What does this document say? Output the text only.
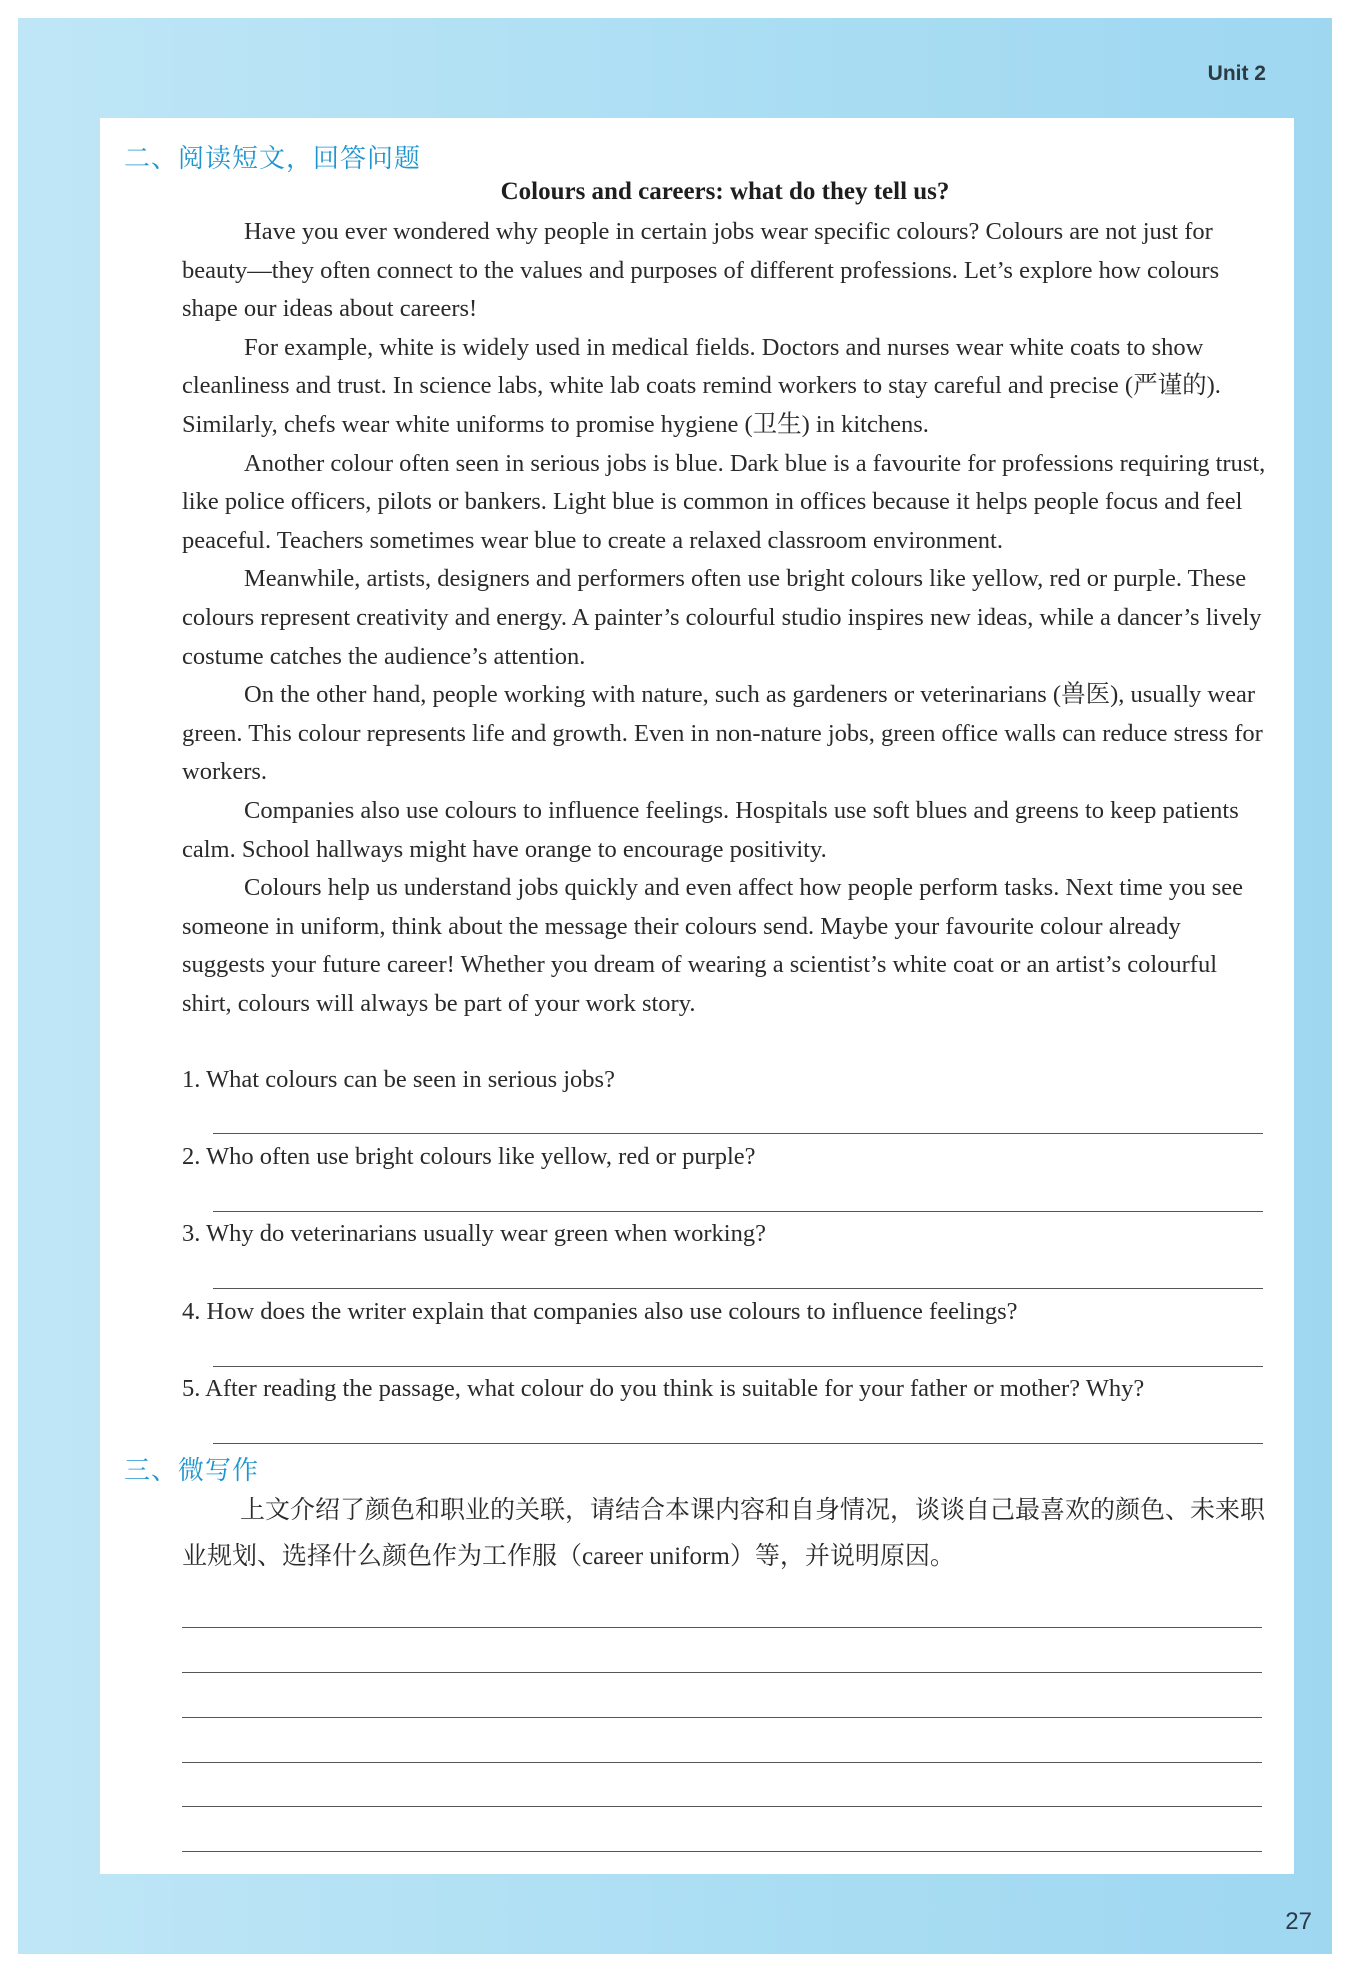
Unit 2
二、阅读短文，回答问题
Colours and careers: what do they tell us?

Have you ever wondered why people in certain jobs wear specific colours? Colours are not just for beauty—they often connect to the values and purposes of different professions. Let’s explore how colours shape our ideas about careers!

For example, white is widely used in medical fields. Doctors and nurses wear white coats to show cleanliness and trust. In science labs, white lab coats remind workers to stay careful and precise (严谨的). Similarly, chefs wear white uniforms to promise hygiene (卫生) in kitchens.

Another colour often seen in serious jobs is blue. Dark blue is a favourite for professions requiring trust, like police officers, pilots or bankers. Light blue is common in offices because it helps people focus and feel peaceful. Teachers sometimes wear blue to create a relaxed classroom environment.

Meanwhile, artists, designers and performers often use bright colours like yellow, red or purple. These colours represent creativity and energy. A painter’s colourful studio inspires new ideas, while a dancer’s lively costume catches the audience’s attention.

On the other hand, people working with nature, such as gardeners or veterinarians (兽医), usually wear green. This colour represents life and growth. Even in non-nature jobs, green office walls can reduce stress for workers.

Companies also use colours to influence feelings. Hospitals use soft blues and greens to keep patients calm. School hallways might have orange to encourage positivity.

Colours help us understand jobs quickly and even affect how people perform tasks. Next time you see someone in uniform, think about the message their colours send. Maybe your favourite colour already suggests your future career! Whether you dream of wearing a scientist’s white coat or an artist’s colourful shirt, colours will always be part of your work story.

1. What colours can be seen in serious jobs?
2. Who often use bright colours like yellow, red or purple?
3. Why do veterinarians usually wear green when working?
4. How does the writer explain that companies also use colours to influence feelings?
5. After reading the passage, what colour do you think is suitable for your father or mother? Why?
三、微写作

上文介绍了颜色和职业的关联，请结合本课内容和自身情况，谈谈自己最喜欢的颜色、未来职业规划、选择什么颜色作为工作服（career uniform）等，并说明原因。

27
